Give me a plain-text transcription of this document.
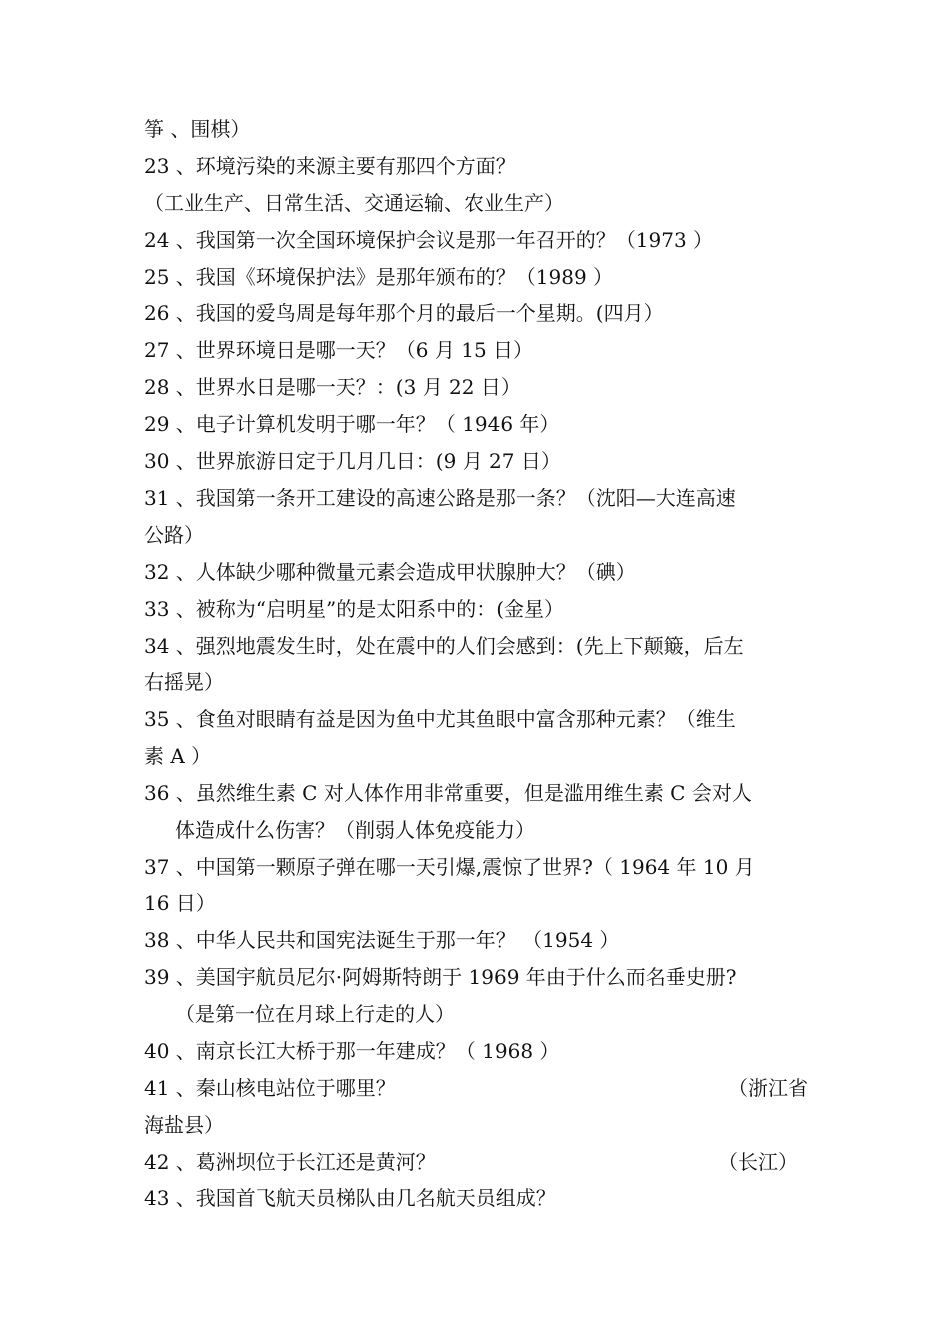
筝 、围棋）
23 、环境污染的来源主要有那四个方面？
（工业生产、日常生活、交通运输、农业生产）
24 、我国第一次全国环境保护会议是那一年召开的？（1973 ）
25 、我国《环境保护法》是那年颁布的？（1989 ）
26 、我国的爱鸟周是每年那个月的最后一个星期。(四月）
27 、世界环境日是哪一天？（6 月 15 日）
28 、世界水日是哪一天？：(3 月 22 日）
29 、电子计算机发明于哪一年？（ 1946 年）
30 、世界旅游日定于几月几日：(9 月 27 日）
31 、我国第一条开工建设的高速公路是那一条？（沈阳—大连高速
公路）
32 、人体缺少哪种微量元素会造成甲状腺肿大？（碘）
33 、被称为“启明星”的是太阳系中的：(金星）
34 、强烈地震发生时，处在震中的人们会感到：(先上下颠簸，后左
右摇晃）
35 、食鱼对眼睛有益是因为鱼中尤其鱼眼中富含那种元素？（维生
素 A ）
36 、虽然维生素 C 对人体作用非常重要，但是滥用维生素 C 会对人
体造成什么伤害？（削弱人体免疫能力）
37 、中国第一颗原子弹在哪一天引爆,震惊了世界?（ 1964 年 10 月
16 日）
38 、中华人民共和国宪法诞生于那一年？ （1954 ）
39 、美国宇航员尼尔·阿姆斯特朗于 1969 年由于什么而名垂史册?
（是第一位在月球上行走的人）
40 、南京长江大桥于那一年建成？（ 1968 ）
41 、秦山核电站位于哪里？	（浙江省
海盐县）
42 、葛洲坝位于长江还是黄河？	（长江）
43 、我国首飞航天员梯队由几名航天员组成？
